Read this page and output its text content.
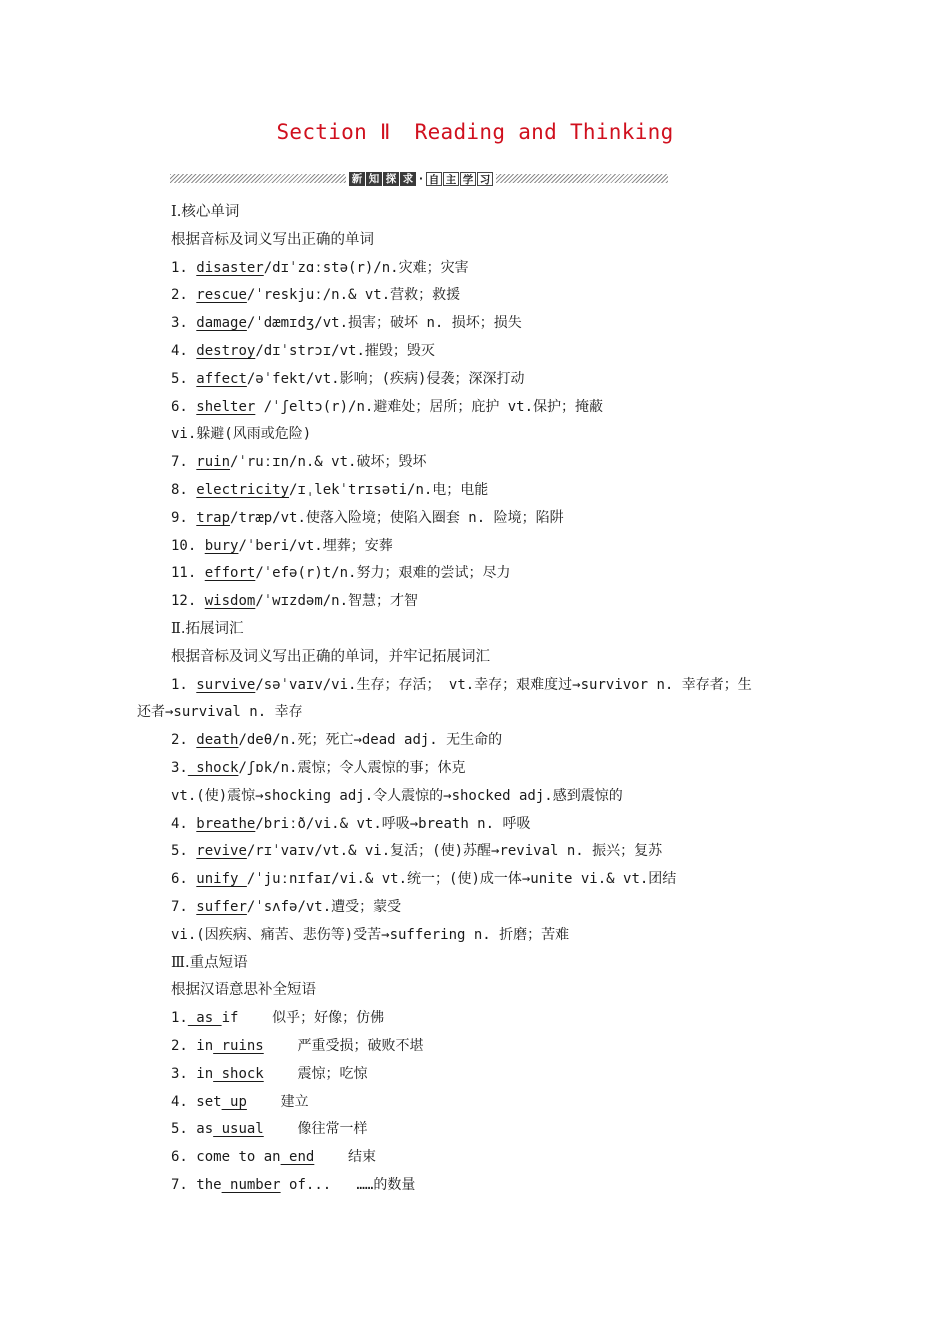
Section Ⅱ Reading and Thinking
新 知 探 求 · 自 主 学 习
Ⅰ.核心单词
根据音标及词义写出正确的单词
1. disaster/dɪˈzɑːstə(r)/n.灾难；灾害
2. rescue/ˈreskjuː/n.& vt.营救；救援
3. damage/ˈdæmɪdʒ/vt.损害；破坏 n. 损坏；损失
4. destroy/dɪˈstrɔɪ/vt.摧毁；毁灭
5. affect/əˈfekt/vt.影响；(疾病)侵袭；深深打动
6. shelter /ˈʃeltɔ(r)/n.避难处；居所；庇护 vt.保护；掩蔽
vi.躲避(风雨或危险)
7. ruin/ˈruːɪn/n.& vt.破坏；毁坏
8. electricity/ɪˌlekˈtrɪsəti/n.电；电能
9. trap/træp/vt.使落入险境；使陷入圈套 n. 险境；陷阱
10. bury/ˈberi/vt.埋葬；安葬
11. effort/ˈefə(r)t/n.努力；艰难的尝试；尽力
12. wisdom/ˈwɪzdəm/n.智慧；才智
Ⅱ.拓展词汇
根据音标及词义写出正确的单词，并牢记拓展词汇
1. survive/səˈvaɪv/vi.生存；存活； vt.幸存；艰难度过→survivor n. 幸存者；生
还者→survival n. 幸存
2. death/deθ/n.死；死亡→dead adj. 无生命的
3. shock/ʃɒk/n.震惊；令人震惊的事；休克
vt.(使)震惊→shocking adj.令人震惊的→shocked adj.感到震惊的
4. breathe/briːð/vi.& vt.呼吸→breath n. 呼吸
5. revive/rɪˈvaɪv/vt.& vi.复活；(使)苏醒→revival n. 振兴；复苏
6. unify /ˈjuːnɪfaɪ/vi.& vt.统一；(使)成一体→unite vi.& vt.团结
7. suffer/ˈsʌfə/vt.遭受；蒙受
vi.(因疾病、痛苦、悲伤等)受苦→suffering n. 折磨；苦难
Ⅲ.重点短语
根据汉语意思补全短语
1. as if 似乎；好像；仿佛
2. in ruins 严重受损；破败不堪
3. in shock 震惊；吃惊
4. set up 建立
5. as usual 像往常一样
6. come to an end 结束
7. the number of... ……的数量
